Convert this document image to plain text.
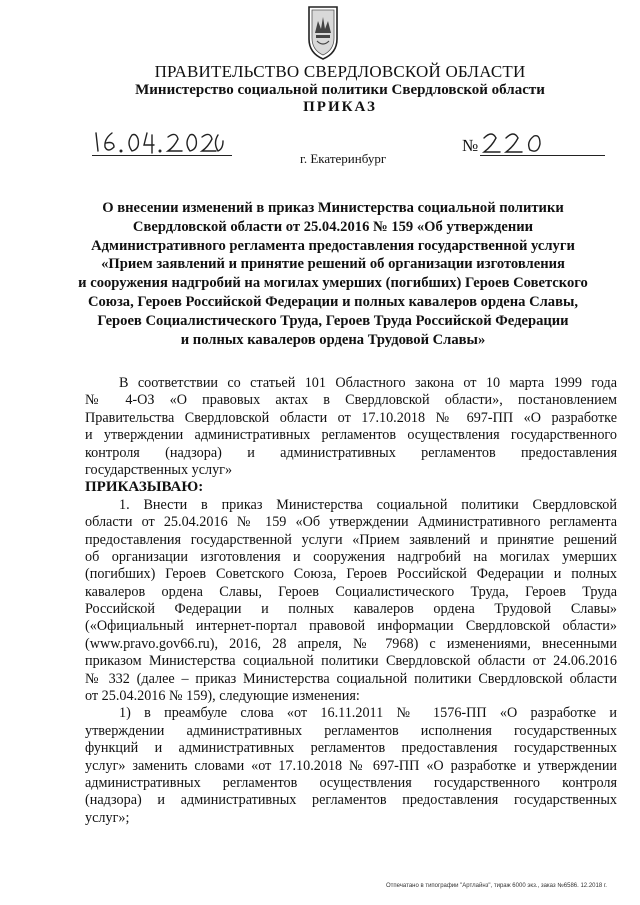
ПРАВИТЕЛЬСТВО СВЕРДЛОВСКОЙ ОБЛАСТИ
Министерство социальной политики Свердловской области
ПРИКАЗ
г. Екатеринбург
№
О внесении изменений в приказ Министерства социальной политики
Свердловской области от 25.04.2016 № 159 «Об утверждении
Административного регламента предоставления государственной услуги
«Прием заявлений и принятие решений об организации изготовления
и сооружения надгробий на могилах умерших (погибших) Героев Советского
Союза, Героев Российской Федерации и полных кавалеров ордена Славы,
Героев Социалистического Труда, Героев Труда Российской Федерации
и полных кавалеров ордена Трудовой Славы»
В соответствии со статьей 101 Областного закона от 10 марта 1999 года
№ 4-ОЗ «О правовых актах в Свердловской области», постановлением
Правительства Свердловской области от 17.10.2018 № 697-ПП «О разработке
и утверждении административных регламентов осуществления государственного
контроля (надзора) и административных регламентов предоставления
государственных услуг»
ПРИКАЗЫВАЮ:
1. Внести в приказ Министерства социальной политики Свердловской
области от 25.04.2016 № 159 «Об утверждении Административного регламента
предоставления государственной услуги «Прием заявлений и принятие решений
об организации изготовления и сооружения надгробий на могилах умерших
(погибших) Героев Советского Союза, Героев Российской Федерации и полных
кавалеров ордена Славы, Героев Социалистического Труда, Героев Труда
Российской Федерации и полных кавалеров ордена Трудовой Славы»
(«Официальный интернет-портал правовой информации Свердловской области»
(www.pravo.gov66.ru), 2016, 28 апреля, № 7968) с изменениями, внесенными
приказом Министерства социальной политики Свердловской области от 24.06.2016
№ 332 (далее – приказ Министерства социальной политики Свердловской области
от 25.04.2016 № 159), следующие изменения:
1) в преамбуле слова «от 16.11.2011 № 1576-ПП «О разработке и
утверждении административных регламентов исполнения государственных
функций и административных регламентов предоставления государственных
услуг» заменить словами «от 17.10.2018 № 697-ПП «О разработке и утверждении
административных регламентов осуществления государственного контроля
(надзора) и административных регламентов предоставления государственных
услуг»;
Отпечатано в типографии "Артлайнз", тираж 6000 экз., заказ №6586. 12.2018 г.
